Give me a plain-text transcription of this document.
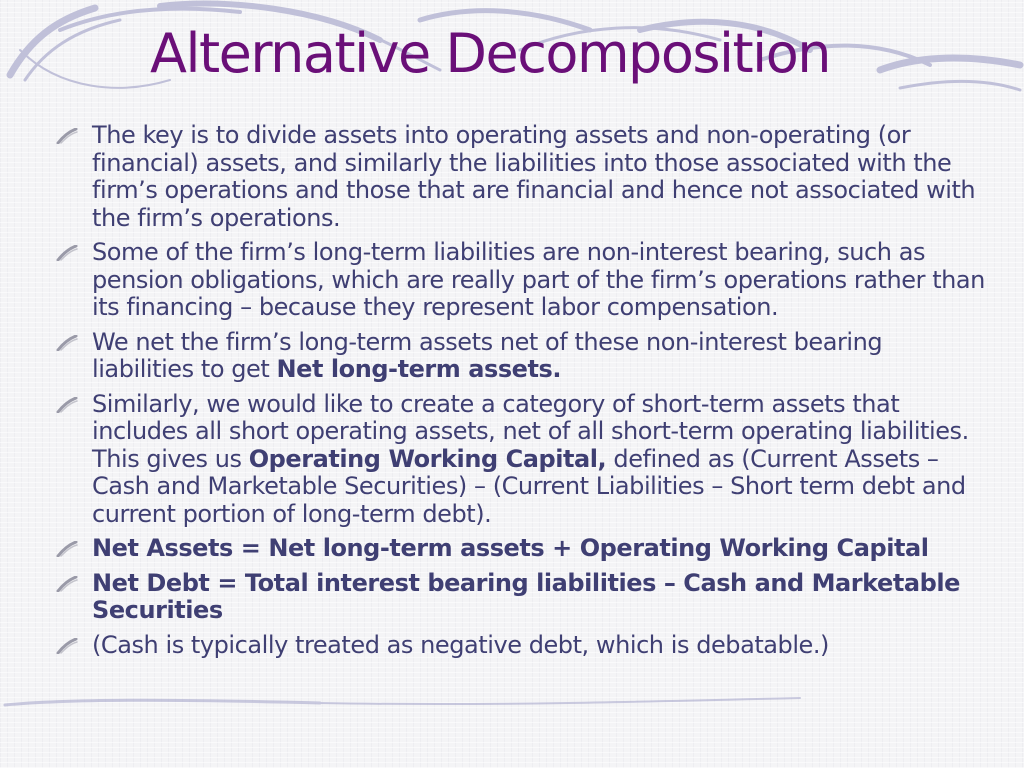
Alternative Decomposition
The key is to divide assets into operating assets and non-operating (or financial) assets, and similarly the liabilities into those associated with the firm’s operations and those that are financial and hence not associated with the firm’s operations.
Some of the firm’s long-term liabilities are non-interest bearing, such as pension obligations, which are really part of the firm’s operations rather than its financing – because they represent labor compensation.
We net the firm’s long-term assets net of these non-interest bearing liabilities to get Net long-term assets.
Similarly, we would like to create a category of short-term assets that includes all short operating assets, net of all short-term operating liabilities. This gives us Operating Working Capital, defined as (Current Assets – Cash and Marketable Securities) – (Current Liabilities – Short term debt and current portion of long-term debt).
Net Assets = Net long-term assets + Operating Working Capital
Net Debt = Total interest bearing liabilities – Cash and Marketable Securities
(Cash is typically treated as negative debt, which is debatable.)
